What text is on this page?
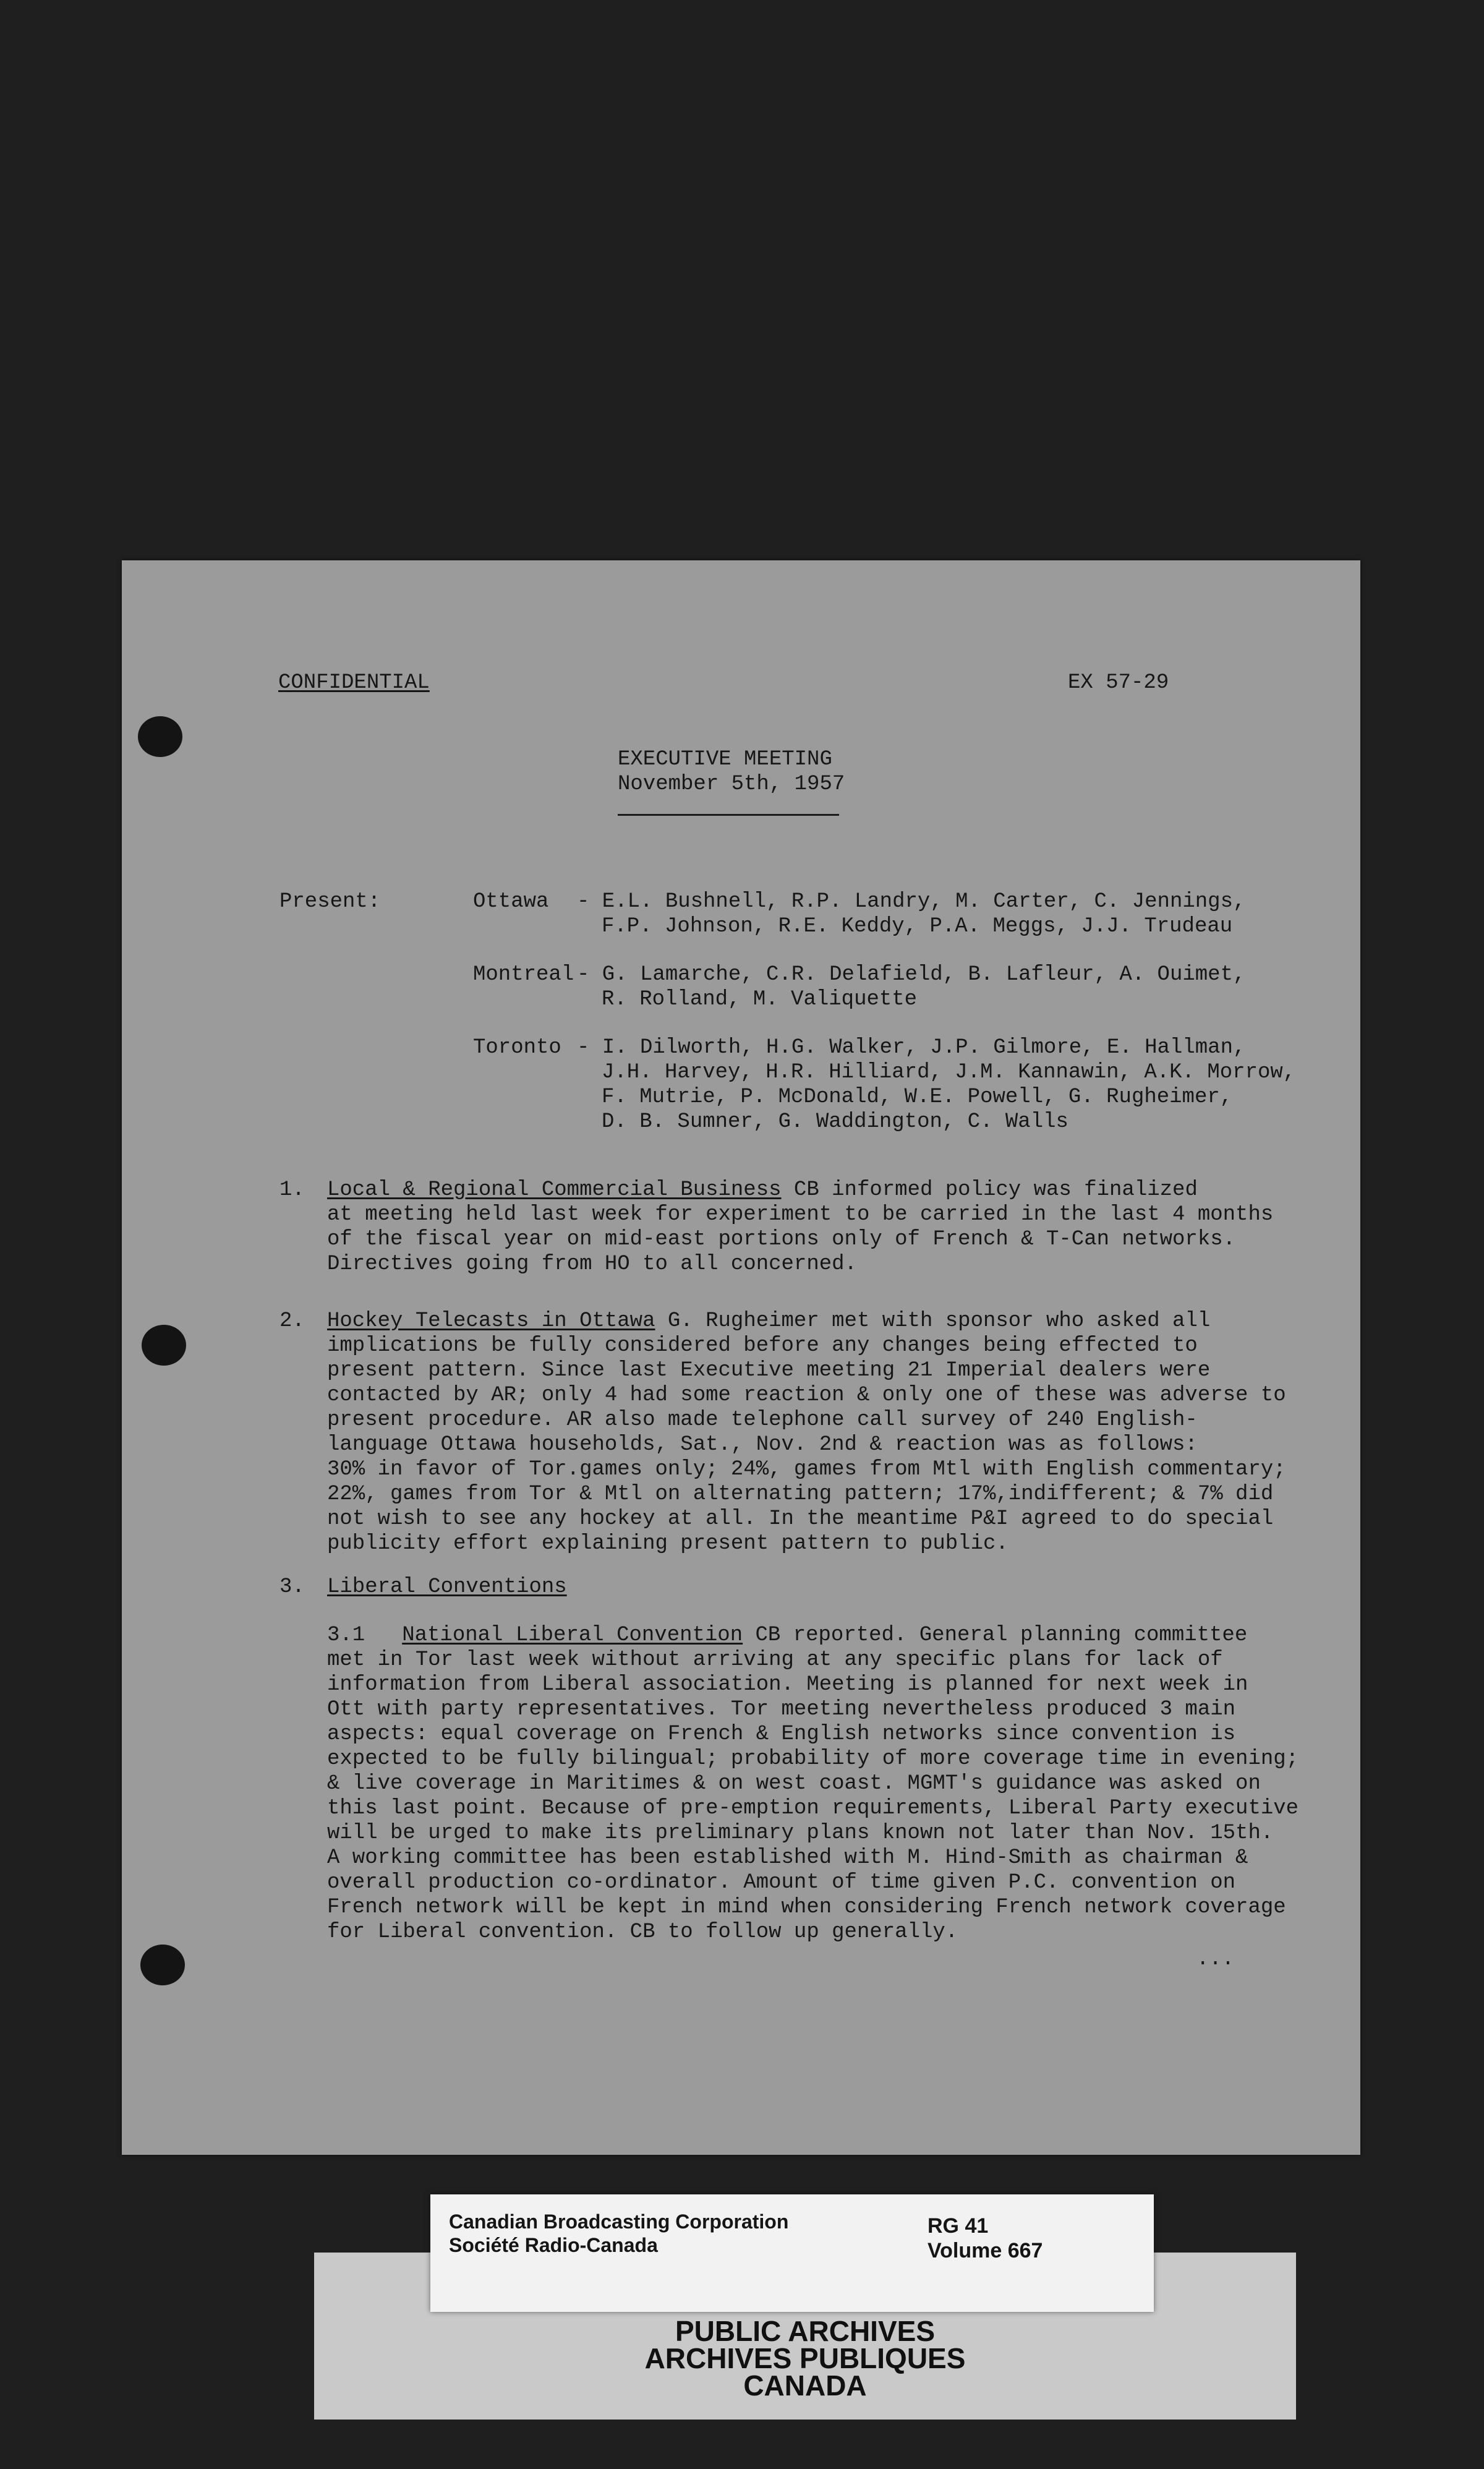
CONFIDENTIAL	EX 57-29
EXECUTIVE MEETING
November 5th, 1957
Present:	Ottawa - E.L. Bushnell, R.P. Landry, M. Carter, C. Jennings,
F.P. Johnson, R.E. Keddy, P.A. Meggs, J.J. Trudeau
Montreal - G. Lamarche, C.R. Delafield, B. Lafleur, A. Ouimet,
R. Rolland, M. Valiquette
Toronto - I. Dilworth, H.G. Walker, J.P. Gilmore, E. Hallman,
J.H. Harvey, H.R. Hilliard, J.M. Kannawin, A.K. Morrow,
F. Mutrie, P. McDonald, W.E. Powell, G. Rugheimer,
D. B. Sumner, G. Waddington, C. Walls
1. Local & Regional Commercial Business CB informed policy was finalized
at meeting held last week for experiment to be carried in the last 4 months
of the fiscal year on mid-east portions only of French & T-Can networks.
Directives going from HO to all concerned.
2. Hockey Telecasts in Ottawa G. Rugheimer met with sponsor who asked all
implications be fully considered before any changes being effected to
present pattern. Since last Executive meeting 21 Imperial dealers were
contacted by AR; only 4 had some reaction & only one of these was adverse to
present procedure. AR also made telephone call survey of 240 English-
language Ottawa households, Sat., Nov. 2nd & reaction was as follows:
30% in favor of Tor.games only; 24%, games from Mtl with English commentary;
22%, games from Tor & Mtl on alternating pattern; 17%,indifferent; & 7% did
not wish to see any hockey at all. In the meantime P&I agreed to do special
publicity effort explaining present pattern to public.
3. Liberal Conventions
3.1 National Liberal Convention CB reported. General planning committee
met in Tor last week without arriving at any specific plans for lack of
information from Liberal association. Meeting is planned for next week in
Ott with party representatives. Tor meeting nevertheless produced 3 main
aspects: equal coverage on French & English networks since convention is
expected to be fully bilingual; probability of more coverage time in evening;
& live coverage in Maritimes & on west coast. MGMT's guidance was asked on
this last point. Because of pre-emption requirements, Liberal Party executive
will be urged to make its preliminary plans known not later than Nov. 15th.
A working committee has been established with M. Hind-Smith as chairman &
overall production co-ordinator. Amount of time given P.C. convention on
French network will be kept in mind when considering French network coverage
for Liberal convention. CB to follow up generally.
...
PUBLIC ARCHIVES
ARCHIVES PUBLIQUES
CANADA
Canadian Broadcasting Corporation
Société Radio-Canada
RG 41
Volume 667
